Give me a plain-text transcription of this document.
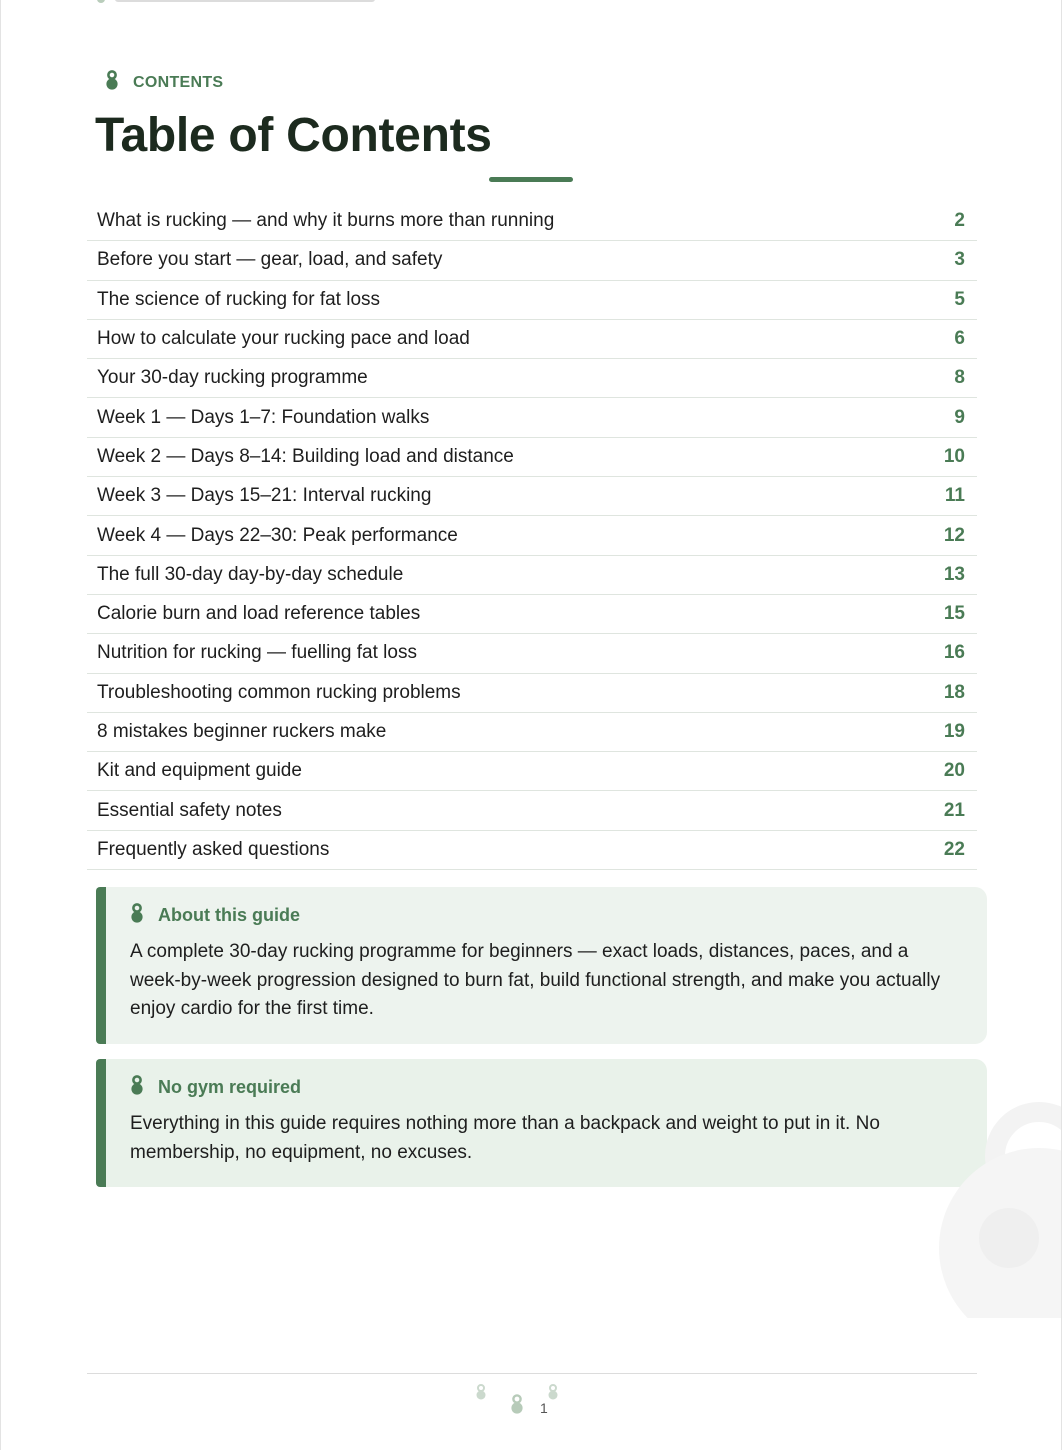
CONTENTS
Table of Contents
What is rucking — and why it burns more than running	2
Before you start — gear, load, and safety	3
The science of rucking for fat loss	5
How to calculate your rucking pace and load	6
Your 30-day rucking programme	8
Week 1 — Days 1–7: Foundation walks	9
Week 2 — Days 8–14: Building load and distance	10
Week 3 — Days 15–21: Interval rucking	11
Week 4 — Days 22–30: Peak performance	12
The full 30-day day-by-day schedule	13
Calorie burn and load reference tables	15
Nutrition for rucking — fuelling fat loss	16
Troubleshooting common rucking problems	18
8 mistakes beginner ruckers make	19
Kit and equipment guide	20
Essential safety notes	21
Frequently asked questions	22
About this guide

A complete 30-day rucking programme for beginners — exact loads, distances, paces, and a week-by-week progression designed to burn fat, build functional strength, and make you actually enjoy cardio for the first time.

No gym required

Everything in this guide requires nothing more than a backpack and weight to put in it. No membership, no equipment, no excuses.

1
